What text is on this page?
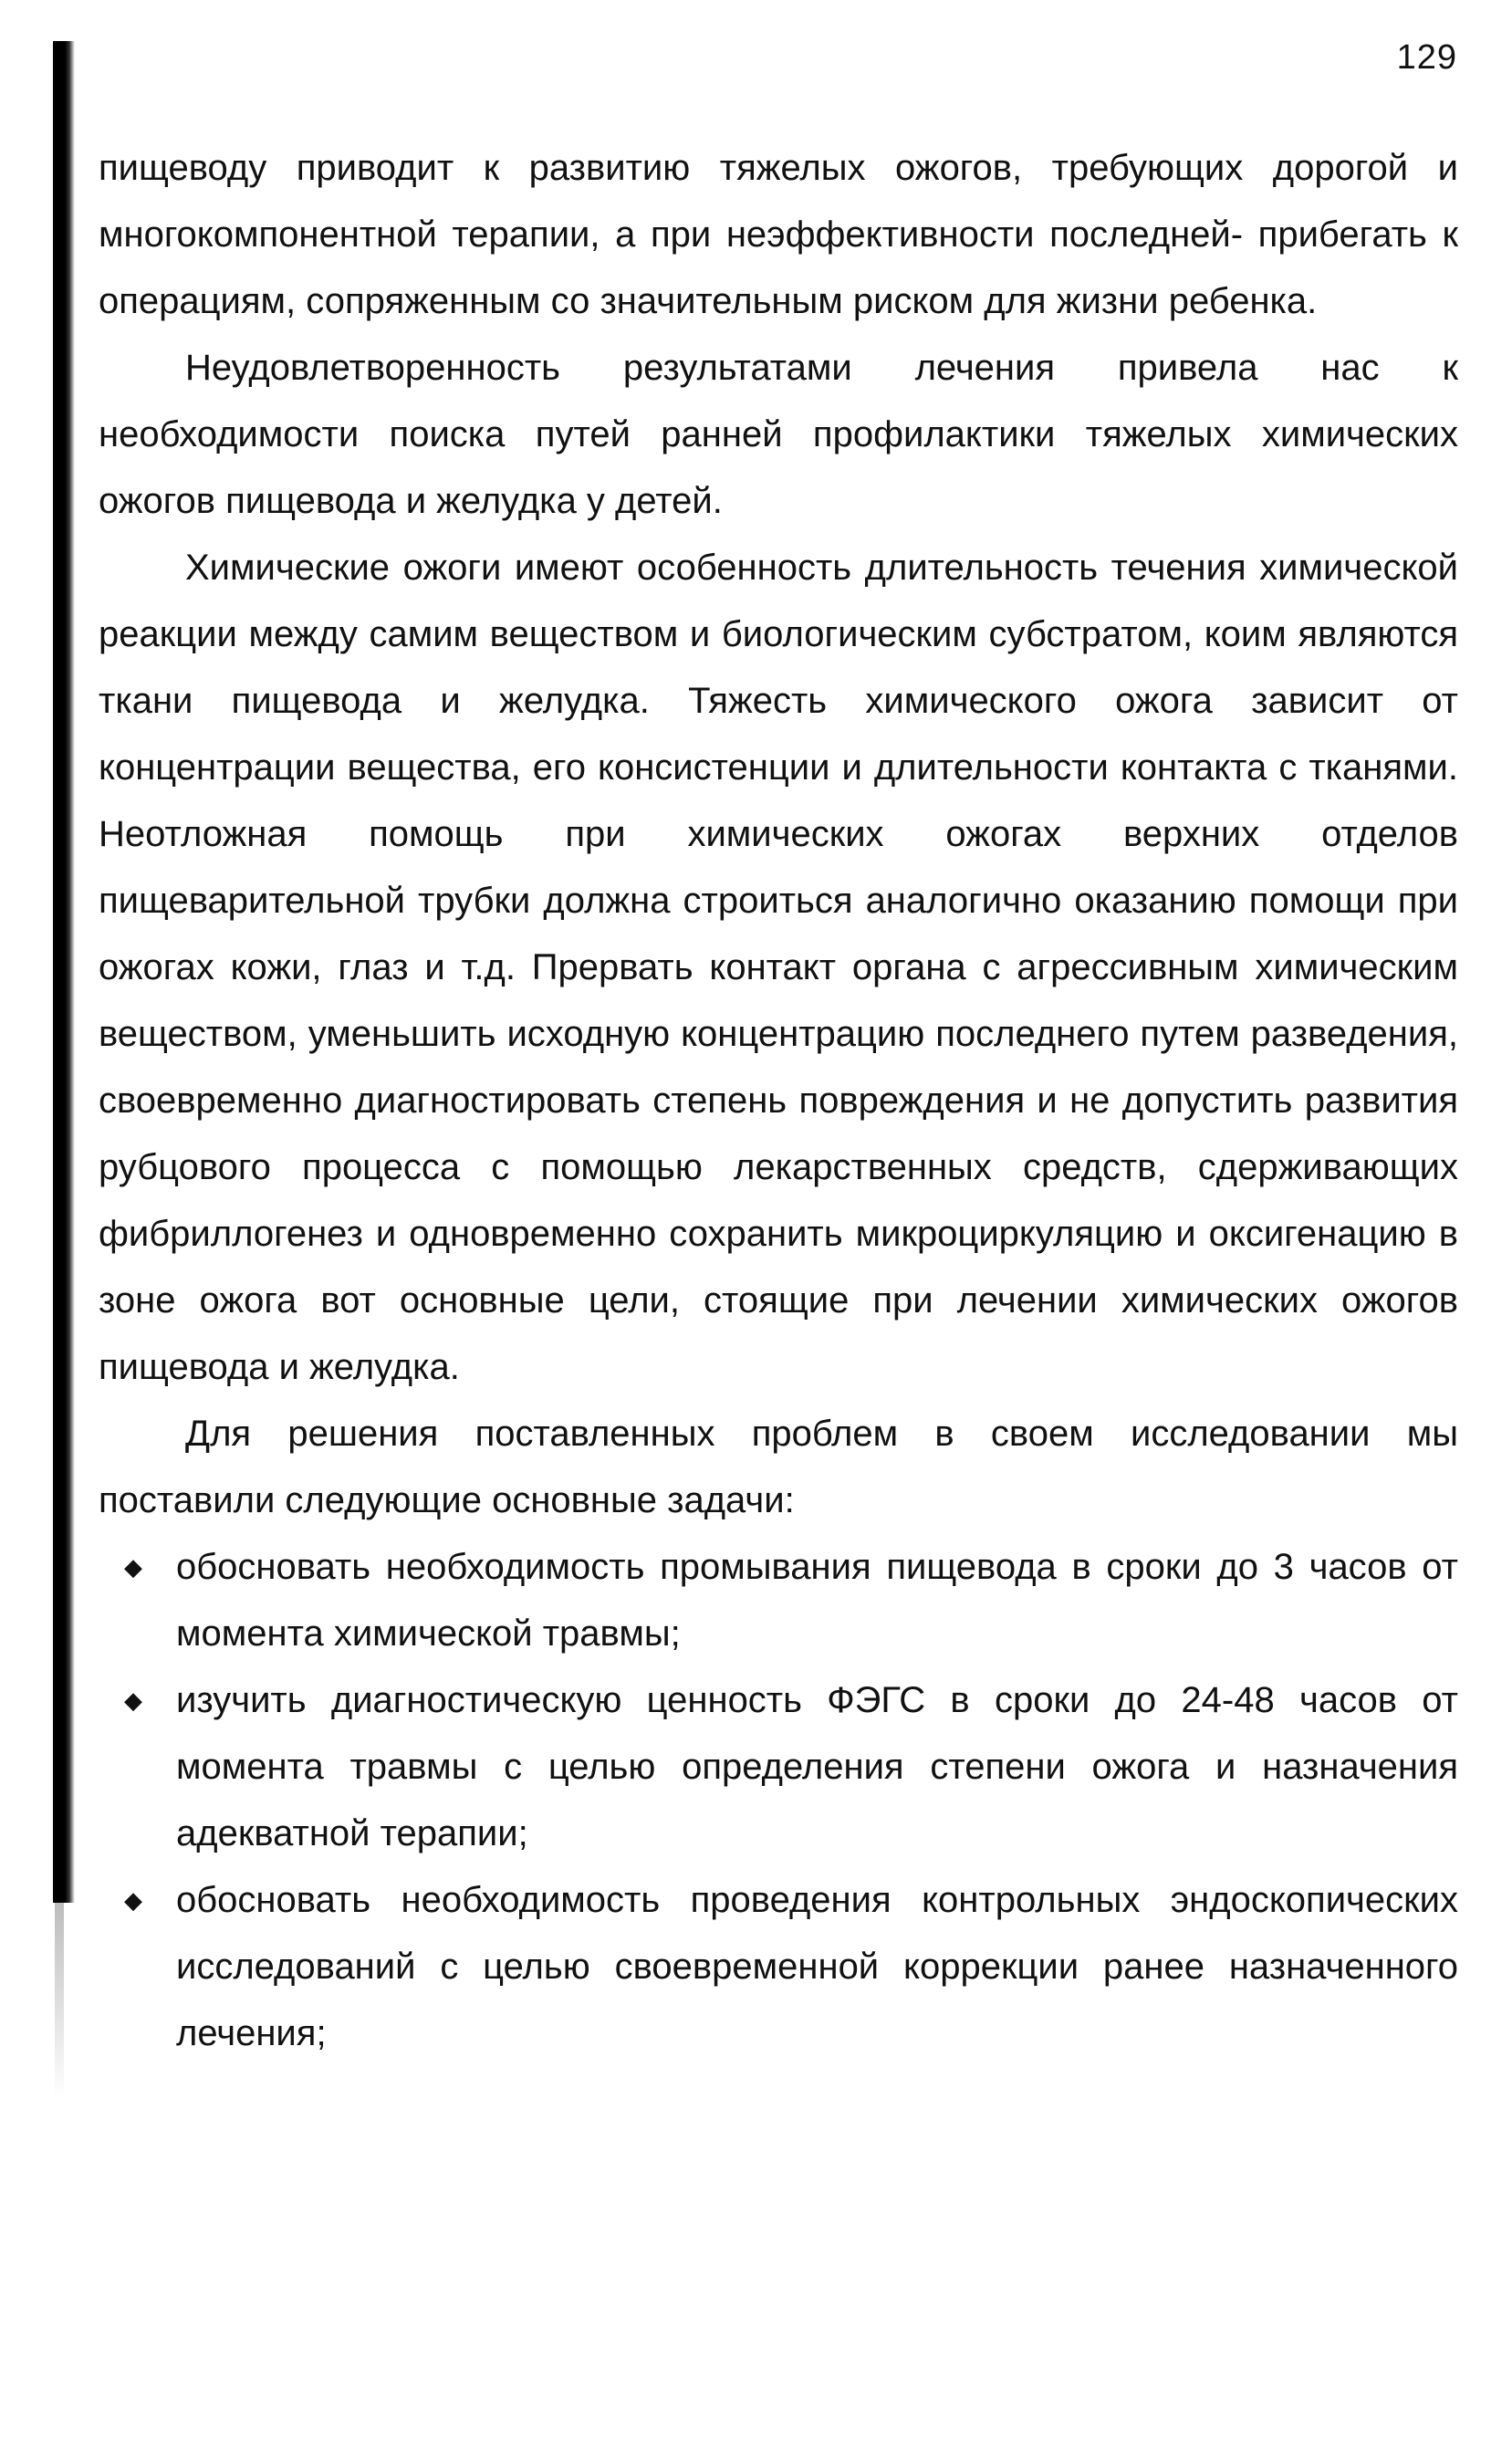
129

пищеводу приводит к развитию тяжелых ожогов, требующих дорогой и многокомпонентной терапии, а при неэффективности последней- прибегать к операциям, сопряженным со значительным риском для жизни ребенка.

Неудовлетворенность результатами лечения привела нас к необходимости поиска путей ранней профилактики тяжелых химических ожогов пищевода и желудка у детей.

Химические ожоги имеют особенность длительность течения химической реакции между самим веществом и биологическим субстратом, коим являются ткани пищевода и желудка. Тяжесть химического ожога зависит от концентрации вещества, его консистенции и длительности контакта с тканями. Неотложная помощь при химических ожогах верхних отделов пищеварительной трубки должна строиться аналогично оказанию помощи при ожогах кожи, глаз и т.д. Прервать контакт органа с агрессивным химическим веществом, уменьшить исходную концентрацию последнего путем разведения, своевременно диагностировать степень повреждения и не допустить развития рубцового процесса с помощью лекарственных средств, сдерживающих фибриллогенез и одновременно сохранить микроциркуляцию и оксигенацию в зоне ожога вот основные цели, стоящие при лечении химических ожогов пищевода и желудка.

Для решения поставленных проблем в своем исследовании мы поставили следующие основные задачи:

◆ обосновать необходимость промывания пищевода в сроки до 3 часов от момента химической травмы;
◆ изучить диагностическую ценность ФЭГС в сроки до 24-48 часов от момента травмы с целью определения степени ожога и назначения адекватной терапии;
◆ обосновать необходимость проведения контрольных эндоскопических исследований с целью своевременной коррекции ранее назначенного лечения;
